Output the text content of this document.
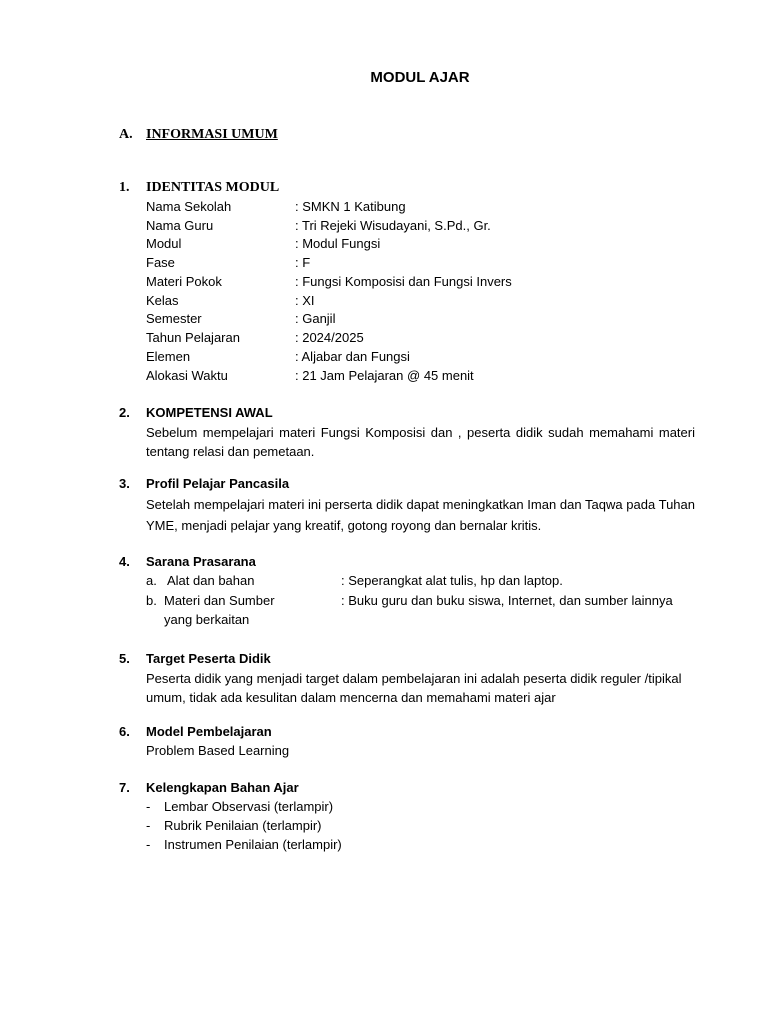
MODUL AJAR
A. INFORMASI UMUM
1. IDENTITAS MODUL
Nama Sekolah	: SMKN 1 Katibung
Nama Guru	: Tri Rejeki Wisudayani, S.Pd., Gr.
Modul	: Modul Fungsi
Fase	: F
Materi Pokok	: Fungsi Komposisi dan Fungsi Invers
Kelas	: XI
Semester	: Ganjil
Tahun Pelajaran	: 2024/2025
Elemen	: Aljabar dan Fungsi
Alokasi Waktu	: 21 Jam Pelajaran @ 45 menit
2. KOMPETENSI AWAL
Sebelum mempelajari materi Fungsi Komposisi dan , peserta didik sudah memahami materi tentang relasi dan pemetaan.
3. Profil Pelajar Pancasila
Setelah mempelajari materi ini perserta didik dapat meningkatkan Iman dan Taqwa pada Tuhan YME, menjadi pelajar yang kreatif, gotong royong dan bernalar kritis.
4. Sarana Prasarana
a. Alat dan bahan	: Seperangkat alat tulis, hp dan laptop.
b. Materi dan Sumber
yang berkaitan
: Buku guru dan buku siswa, Internet, dan sumber lainnya
5. Target Peserta Didik
Peserta didik yang menjadi target dalam pembelajaran ini adalah peserta didik reguler /tipikal umum, tidak ada kesulitan dalam mencerna dan memahami materi ajar
6. Model Pembelajaran
Problem Based Learning
7. Kelengkapan Bahan Ajar
- Lembar Observasi (terlampir)
- Rubrik Penilaian (terlampir)
- Instrumen Penilaian (terlampir)
